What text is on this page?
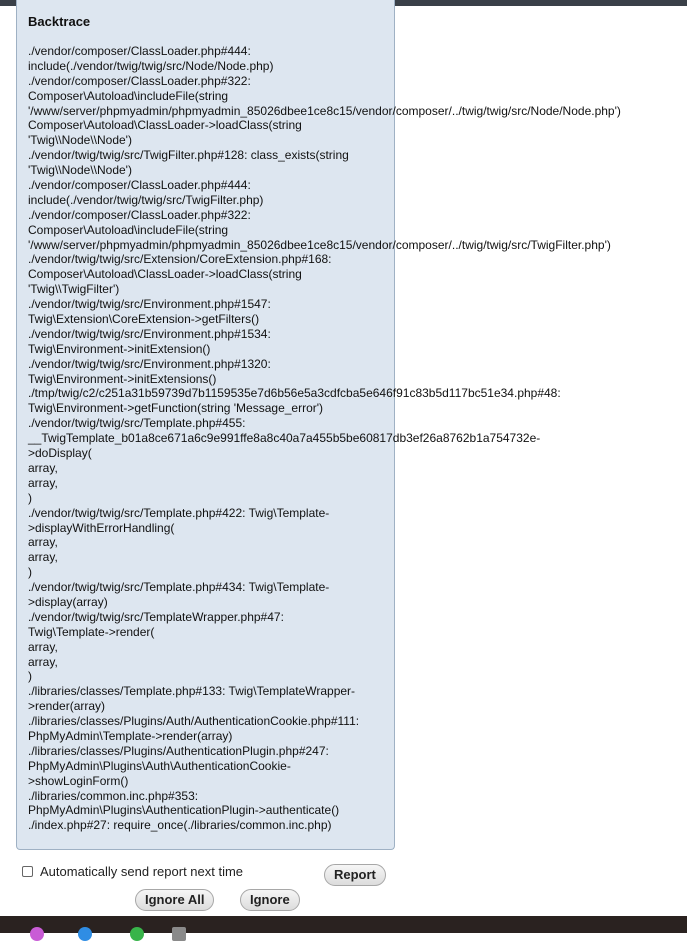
Backtrace
./vendor/composer/ClassLoader.php#444:
include(./vendor/twig/twig/src/Node/Node.php)
./vendor/composer/ClassLoader.php#322:
Composer\Autoload\includeFile(string
'/www/server/phpmyadmin/phpmyadmin_85026dbee1ce8c15/vendor/composer/../twig/twig/src/Node/Node.php')
Composer\Autoload\ClassLoader->loadClass(string
'Twig\\Node\\Node')
./vendor/twig/twig/src/TwigFilter.php#128: class_exists(string
'Twig\\Node\\Node')
./vendor/composer/ClassLoader.php#444:
include(./vendor/twig/twig/src/TwigFilter.php)
./vendor/composer/ClassLoader.php#322:
Composer\Autoload\includeFile(string
'/www/server/phpmyadmin/phpmyadmin_85026dbee1ce8c15/vendor/composer/../twig/twig/src/TwigFilter.php')
./vendor/twig/twig/src/Extension/CoreExtension.php#168:
Composer\Autoload\ClassLoader->loadClass(string
'Twig\\TwigFilter')
./vendor/twig/twig/src/Environment.php#1547:
Twig\Extension\CoreExtension->getFilters()
./vendor/twig/twig/src/Environment.php#1534:
Twig\Environment->initExtension()
./vendor/twig/twig/src/Environment.php#1320:
Twig\Environment->initExtensions()
./tmp/twig/c2/c251a31b59739d7b1159535e7d6b56e5a3cdfcba5e646f91c83b5d117bc51e34.php#48:
Twig\Environment->getFunction(string 'Message_error')
./vendor/twig/twig/src/Template.php#455:
__TwigTemplate_b01a8ce671a6c9e991ffe8a8c40a7a455b5be60817db3ef26a8762b1a754732e-
>doDisplay(
array,
array,
)
./vendor/twig/twig/src/Template.php#422: Twig\Template-
>displayWithErrorHandling(
array,
array,
)
./vendor/twig/twig/src/Template.php#434: Twig\Template-
>display(array)
./vendor/twig/twig/src/TemplateWrapper.php#47:
Twig\Template->render(
array,
array,
)
./libraries/classes/Template.php#133: Twig\TemplateWrapper-
>render(array)
./libraries/classes/Plugins/Auth/AuthenticationCookie.php#111:
PhpMyAdmin\Template->render(array)
./libraries/classes/Plugins/AuthenticationPlugin.php#247:
PhpMyAdmin\Plugins\Auth\AuthenticationCookie-
>showLoginForm()
./libraries/common.inc.php#353:
PhpMyAdmin\Plugins\AuthenticationPlugin->authenticate()
./index.php#27: require_once(./libraries/common.inc.php)
Automatically send report next time	Report
Ignore All	Ignore
